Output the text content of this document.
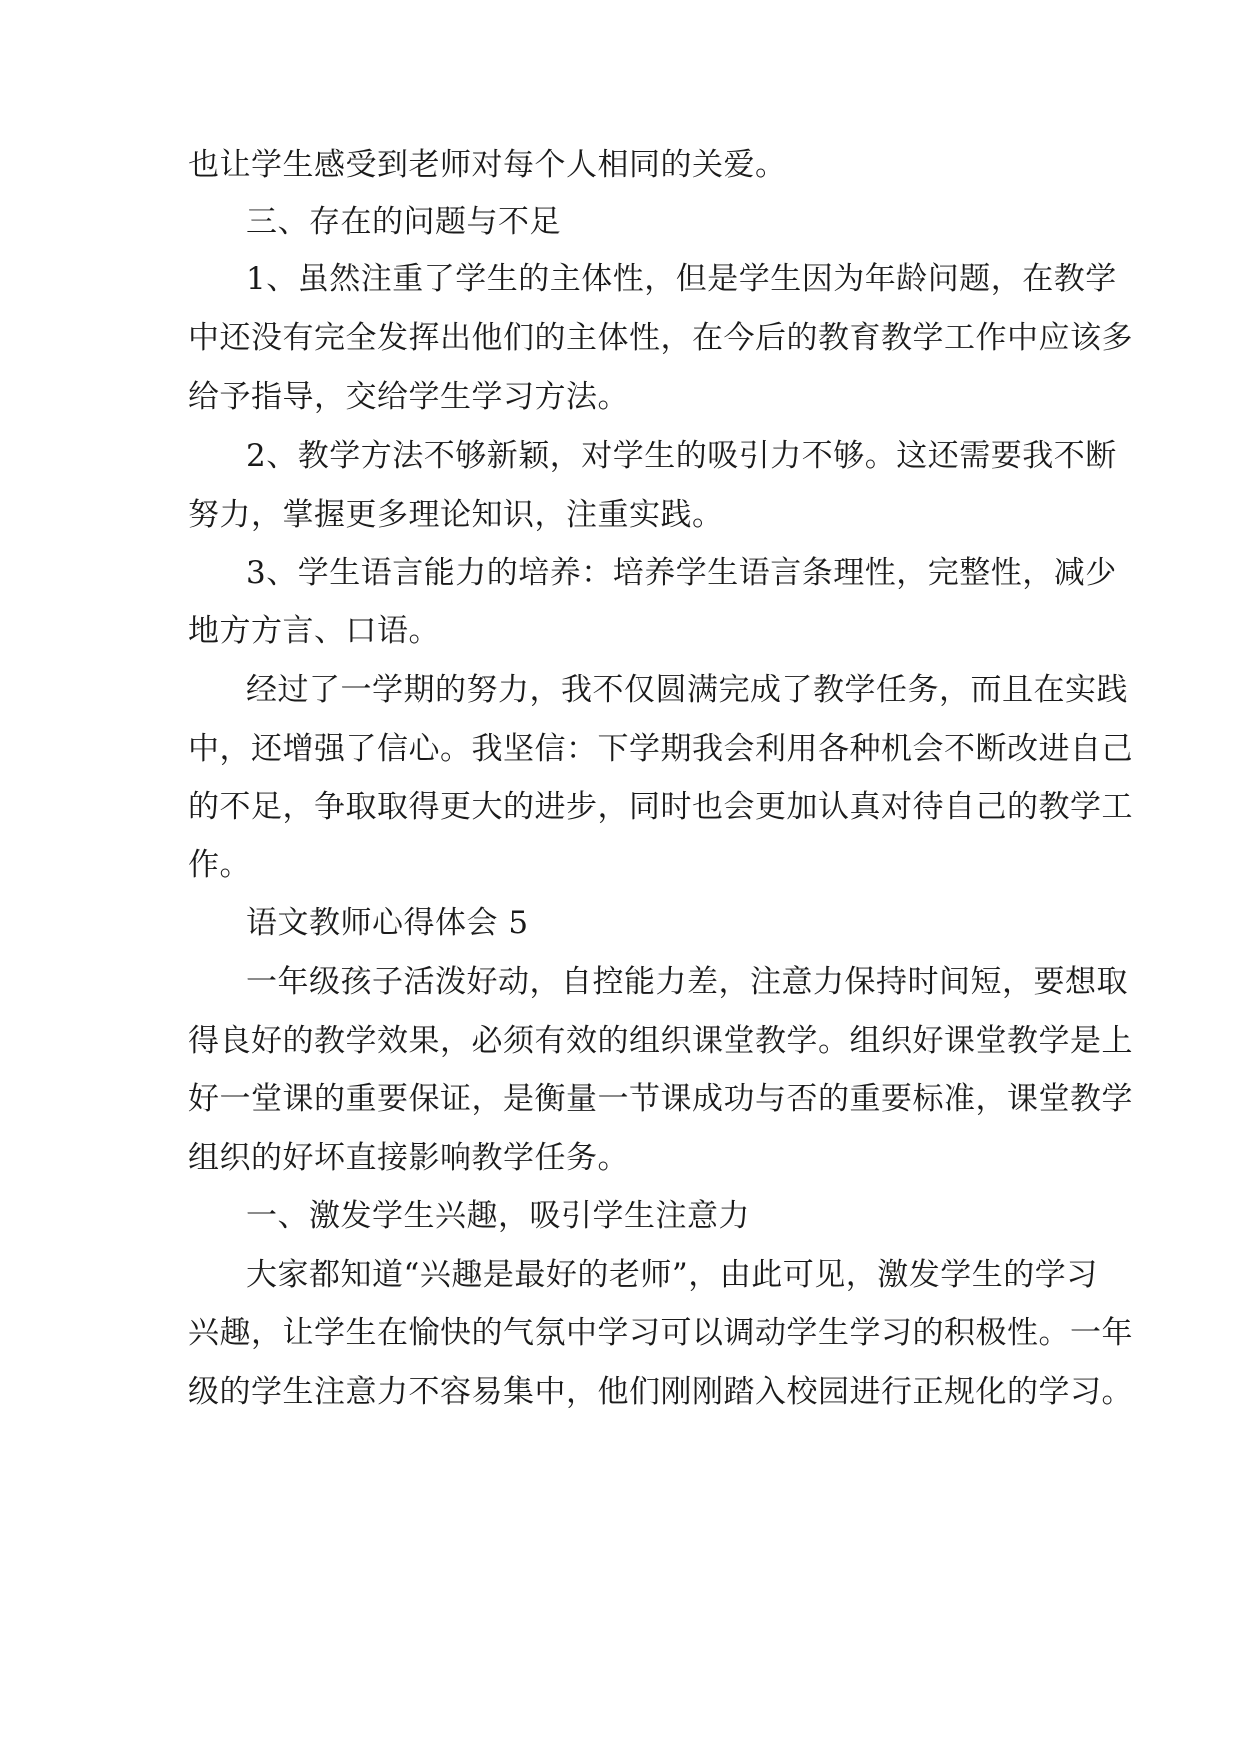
也让学生感受到老师对每个人相同的关爱。
三、存在的问题与不足
1、虽然注重了学生的主体性，但是学生因为年龄问题，在教学
中还没有完全发挥出他们的主体性，在今后的教育教学工作中应该多
给予指导，交给学生学习方法。
2、教学方法不够新颖，对学生的吸引力不够。这还需要我不断
努力，掌握更多理论知识，注重实践。
3、学生语言能力的培养：培养学生语言条理性，完整性，减少
地方方言、口语。
经过了一学期的努力，我不仅圆满完成了教学任务，而且在实践
中，还增强了信心。我坚信：下学期我会利用各种机会不断改进自己
的不足，争取取得更大的进步，同时也会更加认真对待自己的教学工
作。
语文教师心得体会 5
一年级孩子活泼好动，自控能力差，注意力保持时间短，要想取
得良好的教学效果，必须有效的组织课堂教学。组织好课堂教学是上
好一堂课的重要保证，是衡量一节课成功与否的重要标准，课堂教学
组织的好坏直接影响教学任务。
一、激发学生兴趣，吸引学生注意力
大家都知道“兴趣是最好的老师”，由此可见，激发学生的学习
兴趣，让学生在愉快的气氛中学习可以调动学生学习的积极性。一年
级的学生注意力不容易集中，他们刚刚踏入校园进行正规化的学习。
